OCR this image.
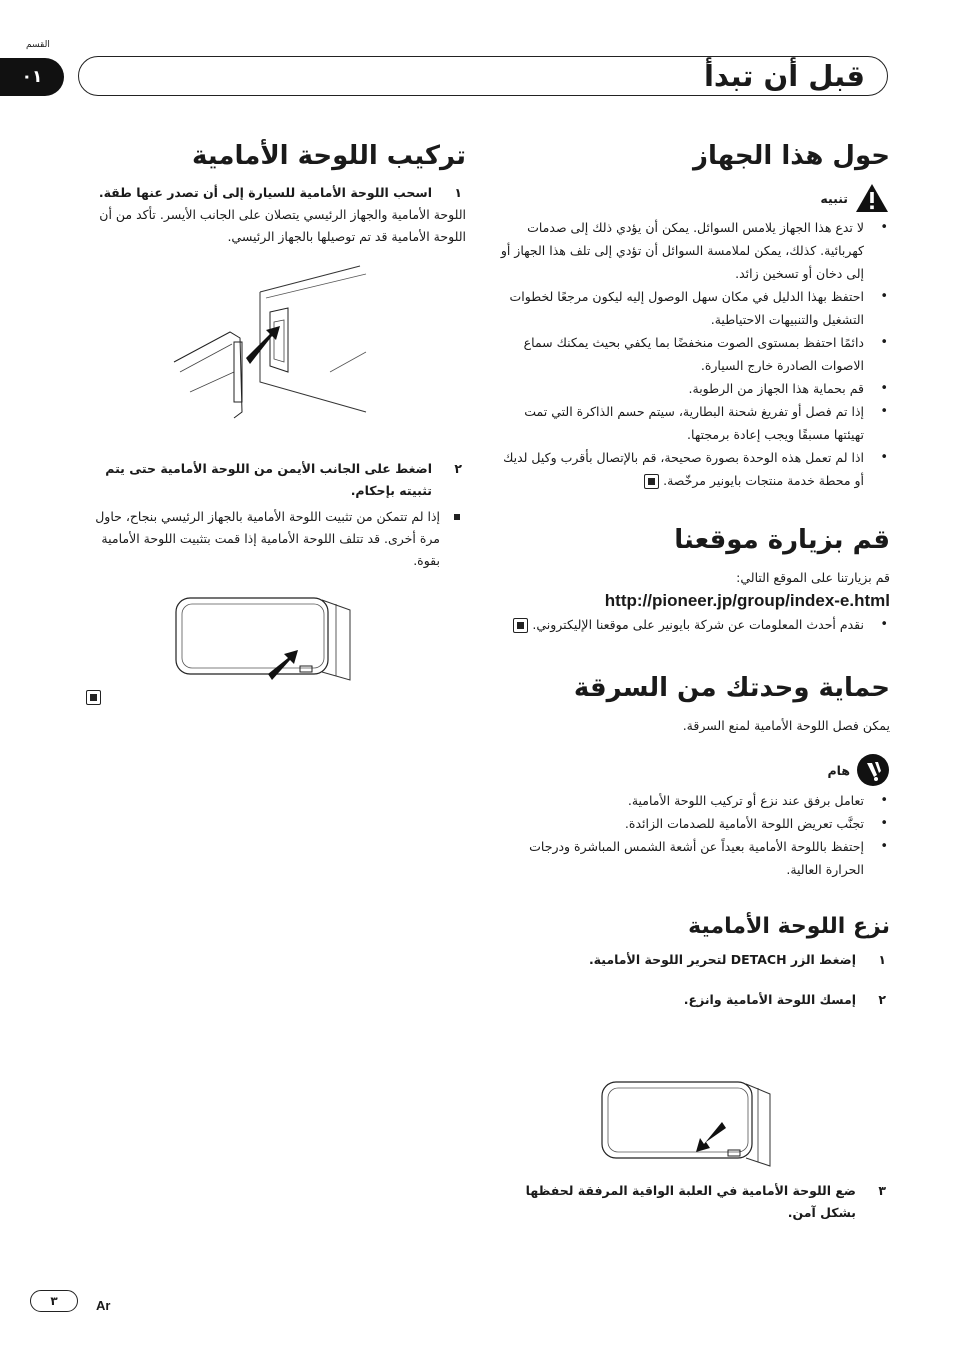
القسم
٠١	قبل أن تبدأ
حول هذا الجهاز
تنبيه
• لا تدع هذا الجهاز يلامس السوائل. يمكن أن يؤدي ذلك إلى صدمات كهربائية. كذلك، يمكن لملامسة السوائل أن تؤدي إلى تلف هذا الجهاز أو إلى دخان أو تسخين زائد.
• احتفظ بهذا الدليل في مكان سهل الوصول إليه ليكون مرجعًا لخطوات التشغيل والتنبيهات الاحتياطية.
• دائمًا احتفظ بمستوى الصوت منخفضًا بما يكفي بحيث يمكنك سماع الاصوات الصادرة خارج السيارة.
• قم بحماية هذا الجهاز من الرطوبة.
• إذا تم فصل أو تفريغ شحنة البطارية، سيتم حسم الذاكرة التي تمت تهيئتها مسبقًا ويجب إعادة برمجتها.
• اذا لم تعمل هذه الوحدة بصورة صحيحة، قم بالإتصال بأقرب وكيل لديك أو محطة خدمة منتجات بايونير مرخّصة.
قم بزيارة موقعنا

قم بزيارتنا على الموقع التالي:

http://pioneer.jp/group/index-e.html
• نقدم أحدث المعلومات عن شركة بايونير على موقعنا الإليكتروني.
حماية وحدتك من السرقة

يمكن فصل اللوحة الأمامية لمنع السرقة.

هام
• تعامل برفق عند نزع أو تركيب اللوحة الأمامية.
• تجنَّب تعريض اللوحة الأمامية للصدمات الزائدة.
• إحتفظ باللوحة الأمامية بعيداً عن أشعة الشمس المباشرة ودرجات الحرارة العالية.
نزع اللوحة الأمامية
١
إضغط الزر DETACH لتحرير اللوحة الأمامية.
٢
إمسك اللوحة الأمامية وانزع.
٣
ضع اللوحة الأمامية في العلبة الواقية المرفقة لحفظها بشكل آمن.
تركيب اللوحة الأمامية
١
اسحب اللوحة الأمامية للسيارة إلى أن تصدر عنها طقة.

اللوحة الأمامية والجهاز الرئيسي يتصلان على الجانب الأيسر. تأكد من أن اللوحة الأمامية قد تم توصيلها بالجهاز الرئيسي.

٢
اضغط على الجانب الأيمن من اللوحة الأمامية حتى يتم تثبيته بإحكام.
إذا لم تتمكن من تثبيت اللوحة الأمامية بالجهاز الرئيسي بنجاح، حاول مرة أخرى. قد تتلف اللوحة الأمامية إذا قمت بتثبيت اللوحة الأمامية بقوة.
٣	Ar
